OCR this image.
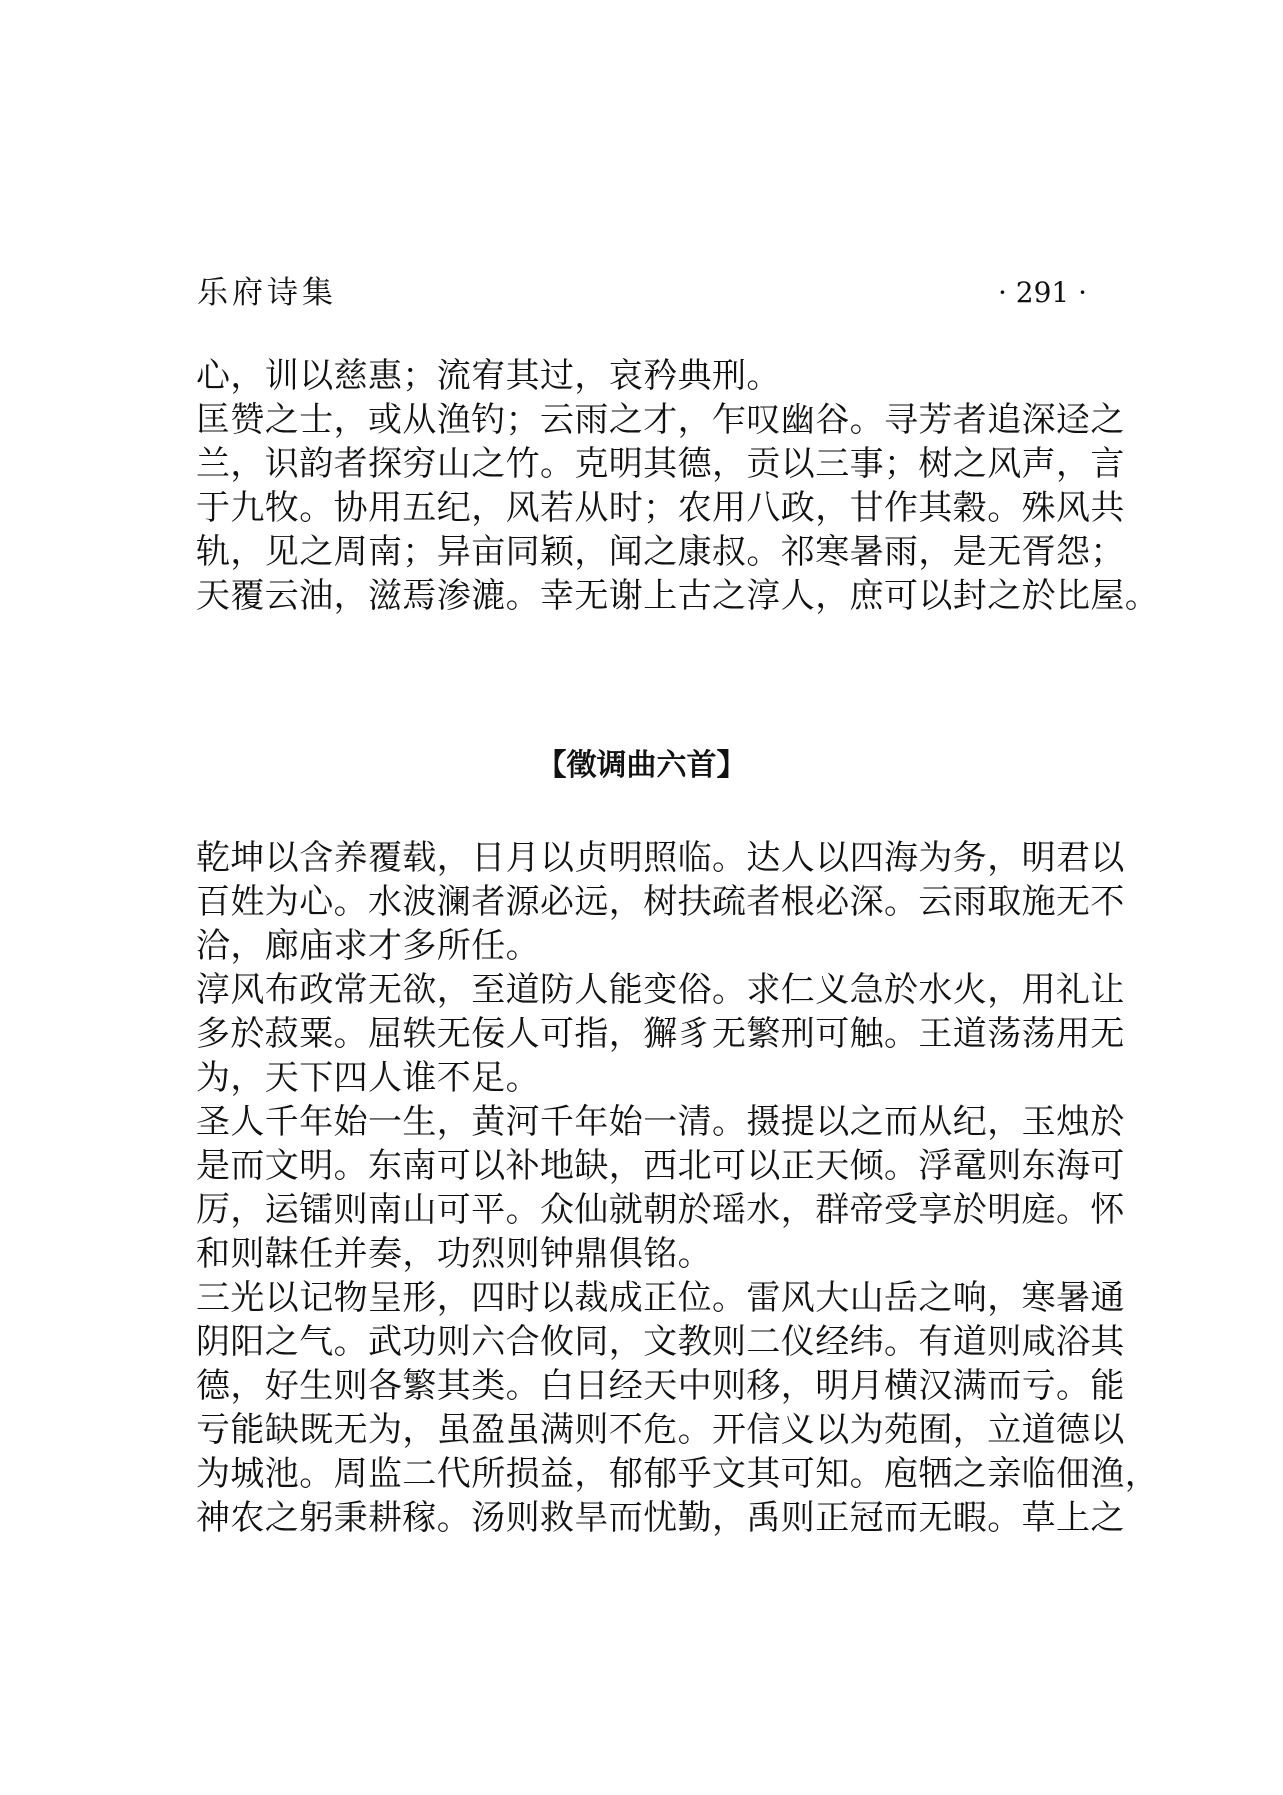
乐府诗集	· 291 ·
心，训以慈惠；流宥其过，哀矜典刑。
匡赞之士，或从渔钓；云雨之才，乍叹幽谷。寻芳者追深迳之
兰，识韵者探穷山之竹。克明其德，贡以三事；树之风声，言
于九牧。协用五纪，风若从时；农用八政，甘作其穀。殊风共
轨，见之周南；异亩同颖，闻之康叔。祁寒暑雨，是无胥怨；
天覆云油，滋焉渗漉。幸无谢上古之淳人，庶可以封之於比屋。
【徵调曲六首】
乾坤以含养覆载，日月以贞明照临。达人以四海为务，明君以
百姓为心。水波澜者源必远，树扶疏者根必深。云雨取施无不
洽，廊庙求才多所任。
淳风布政常无欲，至道防人能变俗。求仁义急於水火，用礼让
多於菽粟。屈轶无佞人可指，獬豸无繁刑可触。王道荡荡用无
为，天下四人谁不足。
圣人千年始一生，黄河千年始一清。摄提以之而从纪，玉烛於
是而文明。东南可以补地缺，西北可以正天倾。浮鼋则东海可
厉，运镭则南山可平。众仙就朝於瑶水，群帝受享於明庭。怀
和则韎任并奏，功烈则钟鼎俱铭。
三光以记物呈形，四时以裁成正位。雷风大山岳之响，寒暑通
阴阳之气。武功则六合攸同，文教则二仪经纬。有道则咸浴其
德，好生则各繁其类。白日经天中则移，明月横汉满而亏。能
亏能缺既无为，虽盈虽满则不危。开信义以为苑囿，立道德以
为城池。周监二代所损益，郁郁乎文其可知。庖牺之亲临佃渔，
神农之躬秉耕稼。汤则救旱而忧勤，禹则正冠而无暇。草上之
